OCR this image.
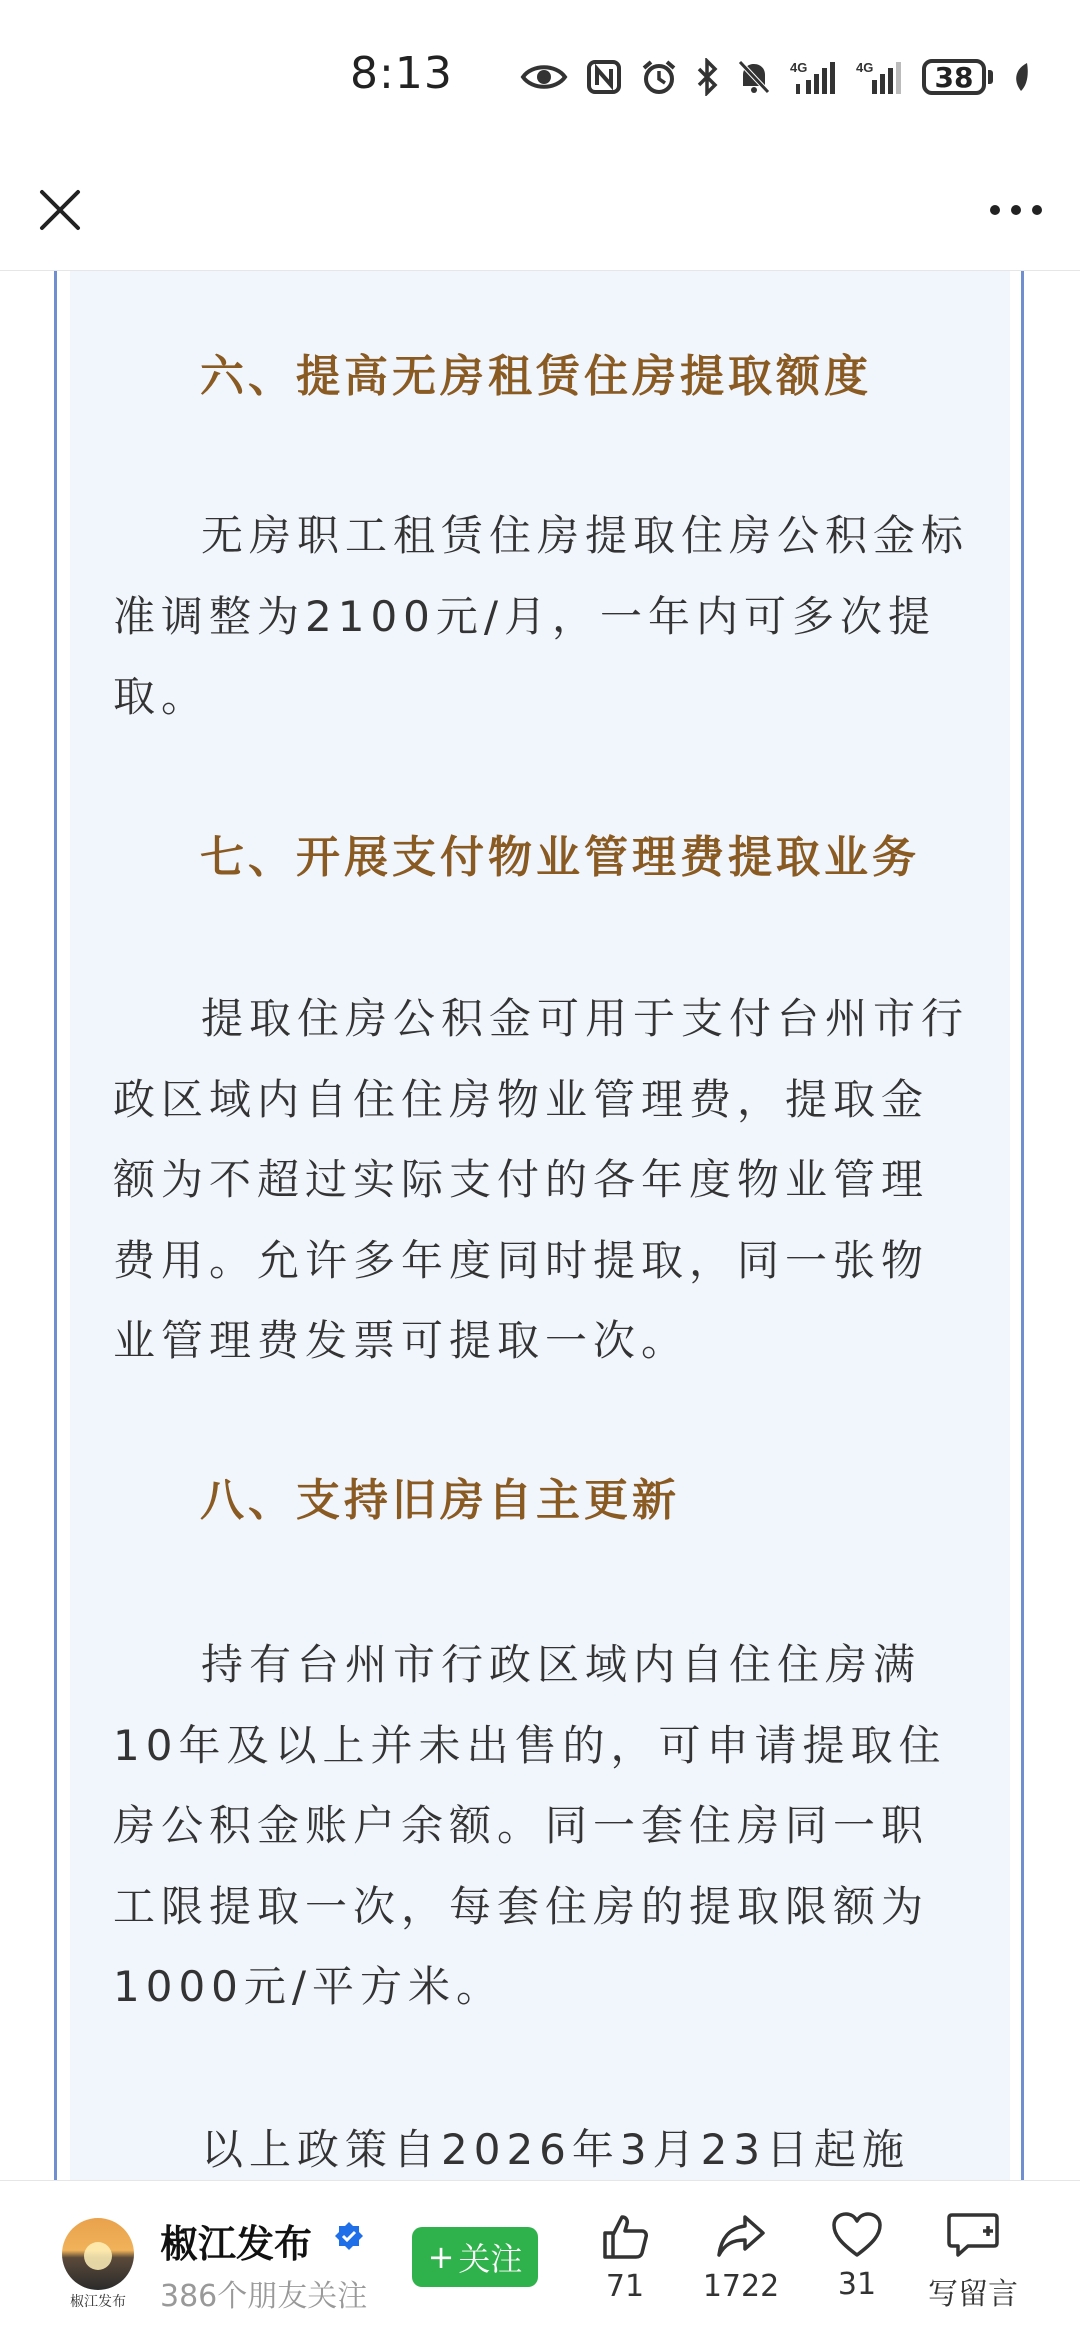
8:13	4G	4G	38
六、提高无房租赁住房提取额度
无房职工租赁住房提取住房公积金标准调整为2100元/月，一年内可多次提取。
七、开展支付物业管理费提取业务
提取住房公积金可用于支付台州市行政区域内自住住房物业管理费，提取金额为不超过实际支付的各年度物业管理费用。允许多年度同时提取，同一张物业管理费发票可提取一次。
八、支持旧房自主更新
持有台州市行政区域内自住住房满10年及以上并未出售的，可申请提取住房公积金账户余额。同一套住房同一职工限提取一次，每套住房的提取限额为1000元/平方米。
以上政策自2026年3月23日起施
椒江发布
椒江发布
386个朋友关注
+ 关注
71 1722 31 写留言
